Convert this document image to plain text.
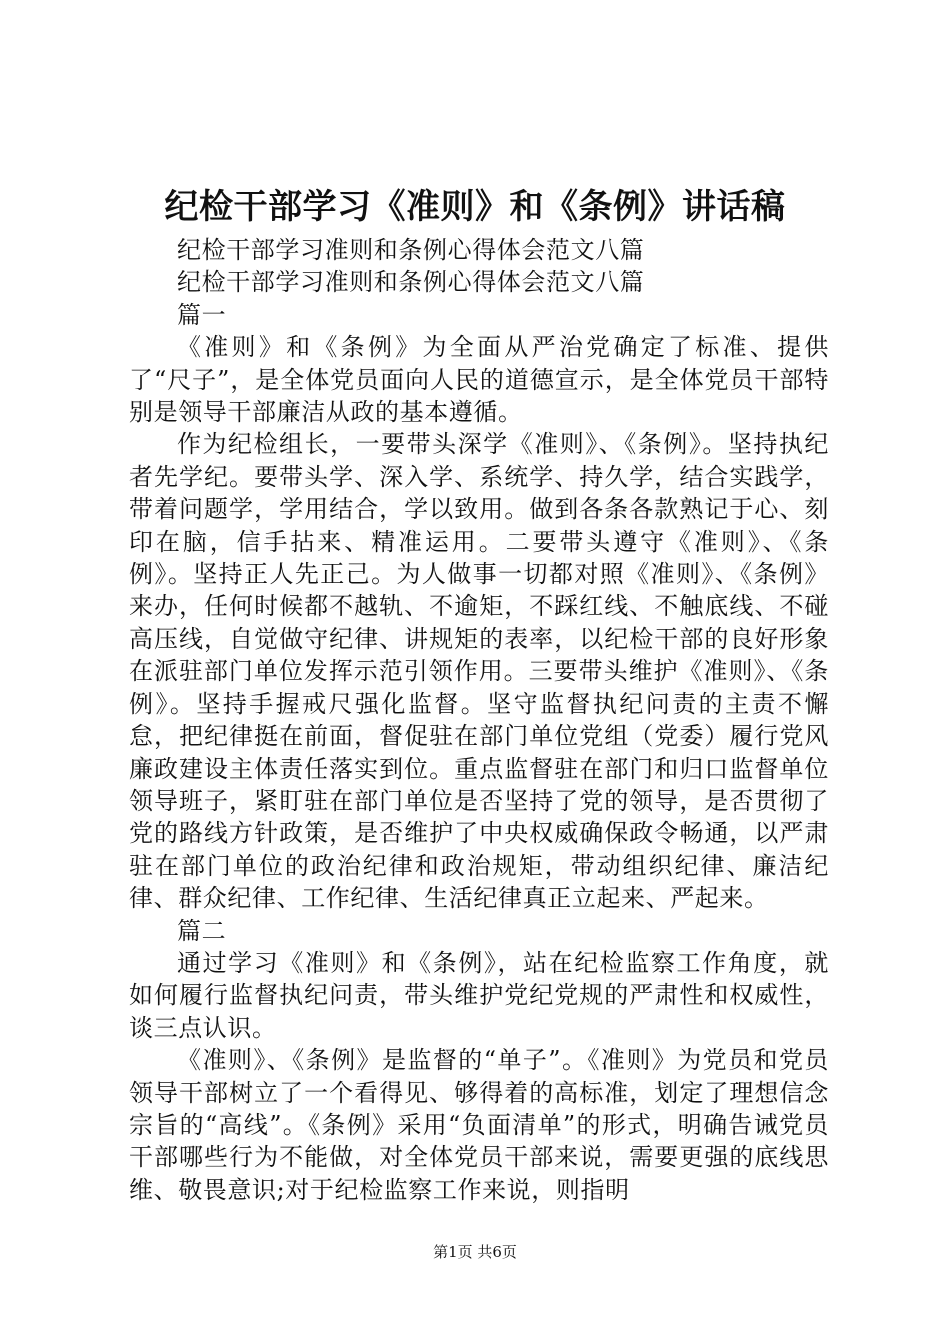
纪检干部学习《准则》和《条例》讲话稿

纪检干部学习准则和条例心得体会范文八篇

纪检干部学习准则和条例心得体会范文八篇

篇一

《准则》和《条例》为全面从严治党确定了标准、提供了“尺子”，是全体党员面向人民的道德宣示，是全体党员干部特别是领导干部廉洁从政的基本遵循。

作为纪检组长，一要带头深学《准则》、《条例》。坚持执纪者先学纪。要带头学、深入学、系统学、持久学，结合实践学，带着问题学，学用结合，学以致用。做到各条各款熟记于心、刻印在脑，信手拈来、精准运用。二要带头遵守《准则》、《条例》。坚持正人先正己。为人做事一切都对照《准则》、《条例》来办，任何时候都不越轨、不逾矩，不踩红线、不触底线、不碰高压线，自觉做守纪律、讲规矩的表率，以纪检干部的良好形象在派驻部门单位发挥示范引领作用。三要带头维护《准则》、《条例》。坚持手握戒尺强化监督。坚守监督执纪问责的主责不懈怠，把纪律挺在前面，督促驻在部门单位党组（党委）履行党风廉政建设主体责任落实到位。重点监督驻在部门和归口监督单位领导班子，紧盯驻在部门单位是否坚持了党的领导，是否贯彻了党的路线方针政策，是否维护了中央权威确保政令畅通，以严肃驻在部门单位的政治纪律和政治规矩，带动组织纪律、廉洁纪律、群众纪律、工作纪律、生活纪律真正立起来、严起来。

篇二

通过学习《准则》和《条例》，站在纪检监察工作角度，就如何履行监督执纪问责，带头维护党纪党规的严肃性和权威性，谈三点认识。

《准则》、《条例》是监督的“单子”。《准则》为党员和党员领导干部树立了一个看得见、够得着的高标准，划定了理想信念宗旨的“高线”。《条例》采用“负面清单”的形式，明确告诫党员干部哪些行为不能做，对全体党员干部来说，需要更强的底线思维、敬畏意识;对于纪检监察工作来说，则指明

第1页 共6页
